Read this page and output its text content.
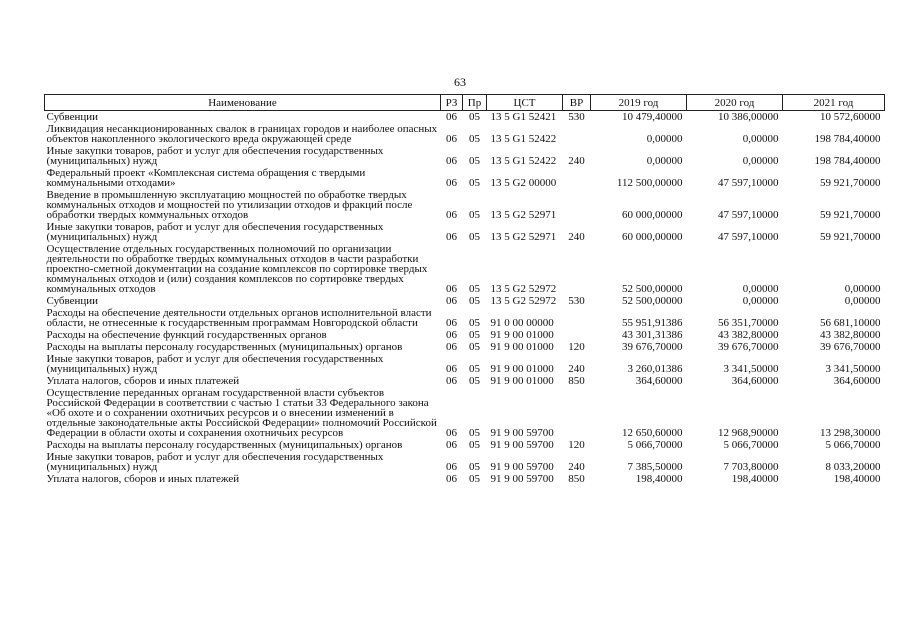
63
Наименование	РЗ	Пр	ЦСТ	ВР	2019 год	2020 год	2021 год
Субвенции	06	05	13 5 G1 52421	530	10 479,40000	10 386,00000	10 572,60000
Ликвидация несанкционированных свалок в границах городов и наиболее опасных объектов накопленного экологического вреда окружающей среде	06	05	13 5 G1 52422		0,00000	0,00000	198 784,40000
Иные закупки товаров, работ и услуг для обеспечения государственных (муниципальных) нужд	06	05	13 5 G1 52422	240	0,00000	0,00000	198 784,40000
Федеральный проект «Комплексная система обращения с твердыми коммунальными отходами»	06	05	13 5 G2 00000		112 500,00000	47 597,10000	59 921,70000
Введение в промышленную эксплуатацию мощностей по обработке твердых коммунальных отходов и мощностей по утилизации отходов и фракций после обработки твердых коммунальных отходов	06	05	13 5 G2 52971		60 000,00000	47 597,10000	59 921,70000
Иные закупки товаров, работ и услуг для обеспечения государственных (муниципальных) нужд	06	05	13 5 G2 52971	240	60 000,00000	47 597,10000	59 921,70000
Осуществление отдельных государственных полномочий по организации деятельности по обработке твердых коммунальных отходов в части разработки проектно-сметной документации на создание комплексов по сортировке твердых коммунальных отходов и (или) создания комплексов по сортировке твердых коммунальных отходов	06	05	13 5 G2 52972		52 500,00000	0,00000	0,00000
Субвенции	06	05	13 5 G2 52972	530	52 500,00000	0,00000	0,00000
Расходы на обеспечение деятельности отдельных органов исполнительной власти области, не отнесенные к государственным программам Новгородской области	06	05	91 0 00 00000		55 951,91386	56 351,70000	56 681,10000
Расходы на обеспечение функций государственных органов	06	05	91 9 00 01000		43 301,31386	43 382,80000	43 382,80000
Расходы на выплаты персоналу государственных (муниципальных) органов	06	05	91 9 00 01000	120	39 676,70000	39 676,70000	39 676,70000
Иные закупки товаров, работ и услуг для обеспечения государственных (муниципальных) нужд	06	05	91 9 00 01000	240	3 260,01386	3 341,50000	3 341,50000
Уплата налогов, сборов и иных платежей	06	05	91 9 00 01000	850	364,60000	364,60000	364,60000
Осуществление переданных органам государственной власти субъектов Российской Федерации в соответствии с частью 1 статьи 33 Федерального закона «Об охоте и о сохранении охотничьих ресурсов и о внесении изменений в отдельные законодательные акты Российской Федерации» полномочий Российской Федерации в области охоты и сохранения охотничьих ресурсов	06	05	91 9 00 59700		12 650,60000	12 968,90000	13 298,30000
Расходы на выплаты персоналу государственных (муниципальных) органов	06	05	91 9 00 59700	120	5 066,70000	5 066,70000	5 066,70000
Иные закупки товаров, работ и услуг для обеспечения государственных (муниципальных) нужд	06	05	91 9 00 59700	240	7 385,50000	7 703,80000	8 033,20000
Уплата налогов, сборов и иных платежей	06	05	91 9 00 59700	850	198,40000	198,40000	198,40000
